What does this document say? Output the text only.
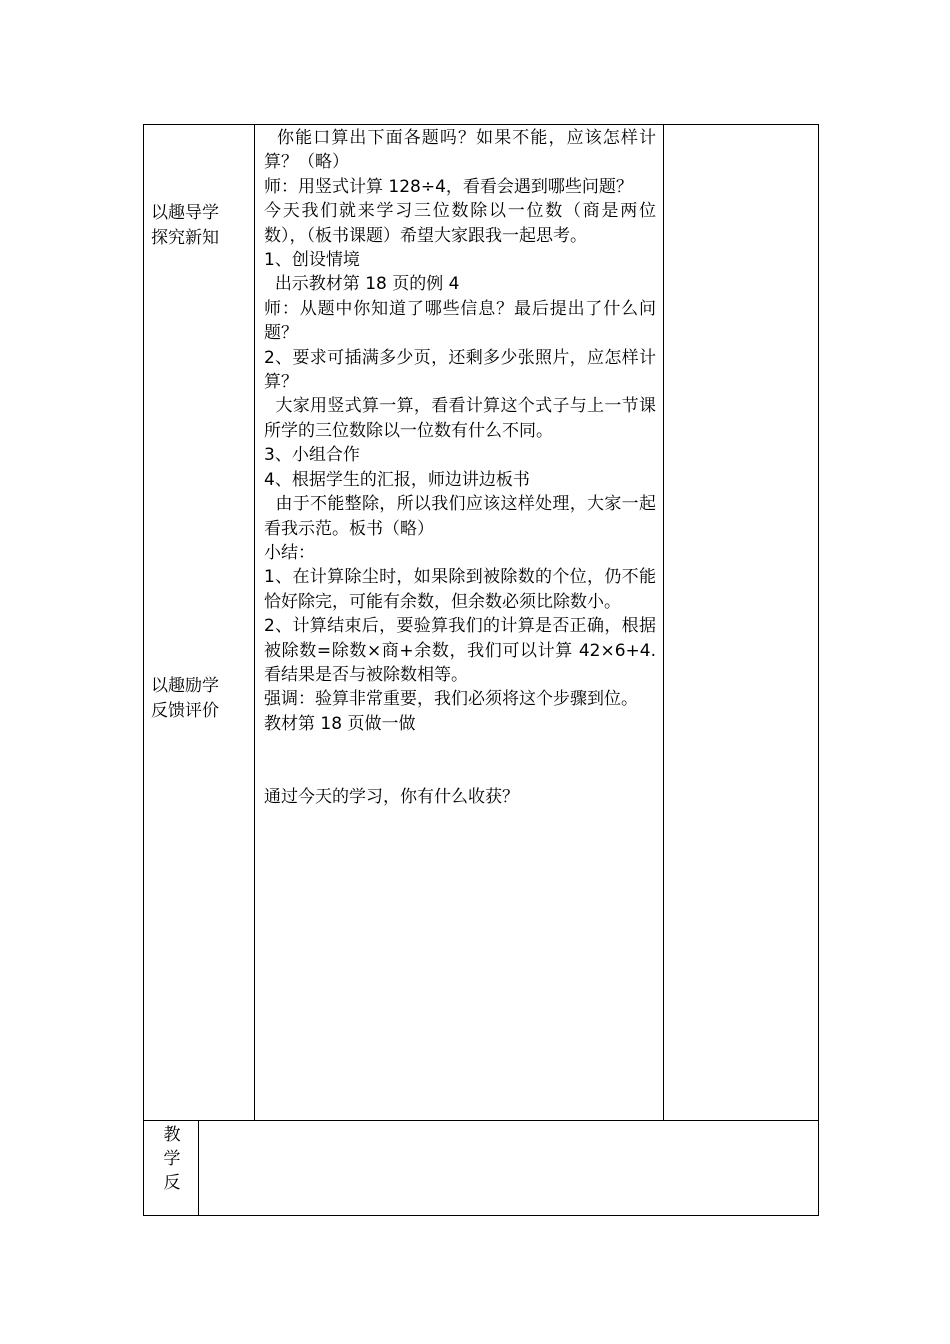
以趣导学
探究新知
以趣励学
反馈评价

你能口算出下面各题吗？如果不能，应该怎样计算？（略）

师：用竖式计算 128÷4，看看会遇到哪些问题？

今天我们就来学习三位数除以一位数（商是两位数），（板书课题）希望大家跟我一起思考。

1、创设情境

出示教材第 18 页的例 4

师：从题中你知道了哪些信息？最后提出了什么问题？

2、要求可插满多少页，还剩多少张照片，应怎样计算？

大家用竖式算一算，看看计算这个式子与上一节课所学的三位数除以一位数有什么不同。

3、小组合作

4、根据学生的汇报，师边讲边板书

由于不能整除，所以我们应该这样处理，大家一起看我示范。板书（略）

小结：

1、在计算除尘时，如果除到被除数的个位，仍不能恰好除完，可能有余数，但余数必须比除数小。

2、计算结束后，要验算我们的计算是否正确，根据被除数=除数×商+余数，我们可以计算 42×6+4.看结果是否与被除数相等。

强调：验算非常重要，我们必须将这个步骤到位。

教材第 18 页做一做

通过今天的学习，你有什么收获？

教
学
反
